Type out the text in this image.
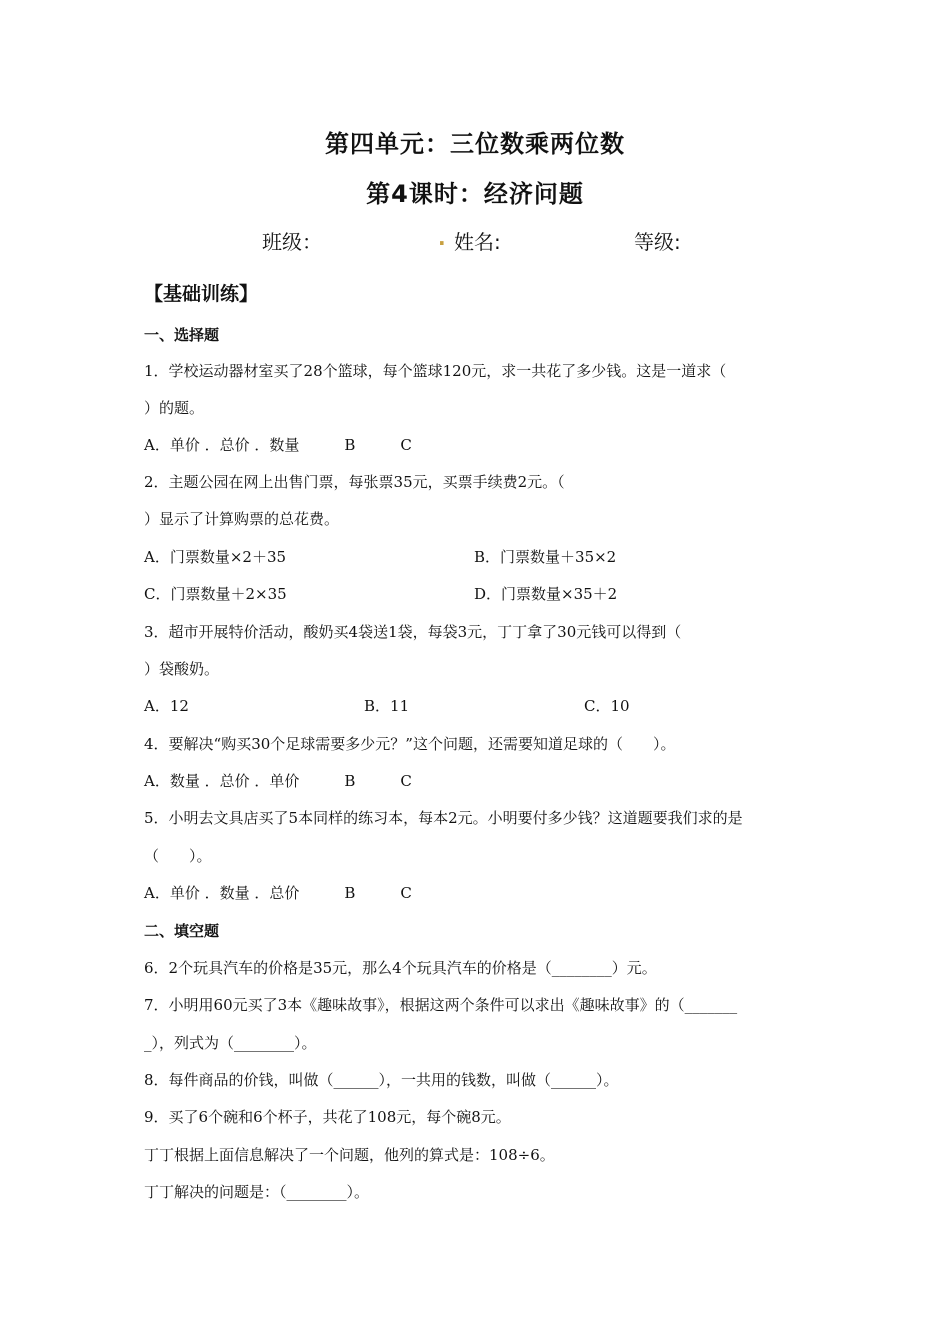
第四单元：三位数乘两位数
第4课时：经济问题
班级：	. 姓名:	等级:
【基础训练】
一、选择题
1．学校运动器材室买了28个篮球，每个篮球120元，求一共花了多少钱。这是一道求（
）的题。
A．单价 ．总价 ．数量　　　B　　　C
2．主题公园在网上出售门票，每张票35元，买票手续费2元。（
）显示了计算购票的总花费。
A．门票数量×2＋35	B．门票数量＋35×2
C．门票数量＋2×35	D．门票数量×35＋2
3．超市开展特价活动，酸奶买4袋送1袋，每袋3元，丁丁拿了30元钱可以得到（
）袋酸奶。
A．12	B．11	C．10
4．要解决“购买30个足球需要多少元？”这个问题，还需要知道足球的（　　）。
A．数量 ．总价 ．单价　　　B　　　C
5．小明去文具店买了5本同样的练习本，每本2元。小明要付多少钱？这道题要我们求的是
（　　）。
A．单价 ．数量 ．总价　　　B　　　C
二、填空题
6．2个玩具汽车的价格是35元，那么4个玩具汽车的价格是（________）元。
7．小明用60元买了3本《趣味故事》，根据这两个条件可以求出《趣味故事》的（_______
_），列式为（________）。
8．每件商品的价钱，叫做（______），一共用的钱数，叫做（______）。
9．买了6个碗和6个杯子，共花了108元，每个碗8元。
丁丁根据上面信息解决了一个问题，他列的算式是：108÷6。
丁丁解决的问题是：（________）。
